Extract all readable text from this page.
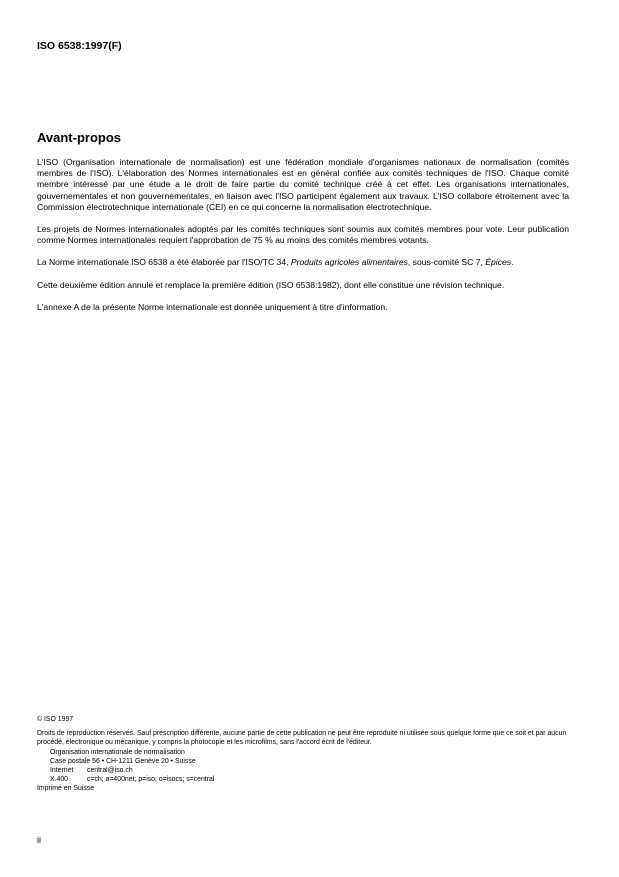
ISO 6538:1997(F)
Avant-propos

L'ISO (Organisation internationale de normalisation) est une fédération mondiale d'organismes nationaux de normalisation (comités membres de l'ISO). L'élaboration des Normes internationales est en général confiée aux comités techniques de l'ISO. Chaque comité membre intéressé par une étude a le droit de faire partie du comité technique créé à cet effet. Les organisations internationales, gouvernementales et non gouvernementales, en liaison avec l'ISO participent également aux travaux. L'ISO collabore étroitement avec la Commission électrotechnique internationale (CEI) en ce qui concerne la normalisation électrotechnique.

Les projets de Normes internationales adoptés par les comités techniques sont soumis aux comités membres pour vote. Leur publication comme Normes internationales requiert l'approbation de 75 % au moins des comités membres votants.

La Norme internationale ISO 6538 a été élaborée par l'ISO/TC 34, Produits agricoles alimentaires, sous-comité SC 7, Épices.

Cette deuxième édition annule et remplace la première édition (ISO 6538:1982), dont elle constitue une révision technique.

L'annexe A de la présente Norme internationale est donnée uniquement à titre d'information.

© ISO 1997
Droits de reproduction réservés. Sauf prescription différente, aucune partie de cette publication ne peut être reproduite ni utilisée sous quelque forme que ce soit et par aucun procédé, électronique ou mécanique, y compris la photocopie et les microfilms, sans l'accord écrit de l'éditeur.
Organisation internationale de normalisation
Case postale 56 • CH-1211 Genève 20 • Suisse
Internet central@iso.ch
X.400	c=ch; a=400net; p=iso; o=isocs; s=central
Imprimé en Suisse
ii
